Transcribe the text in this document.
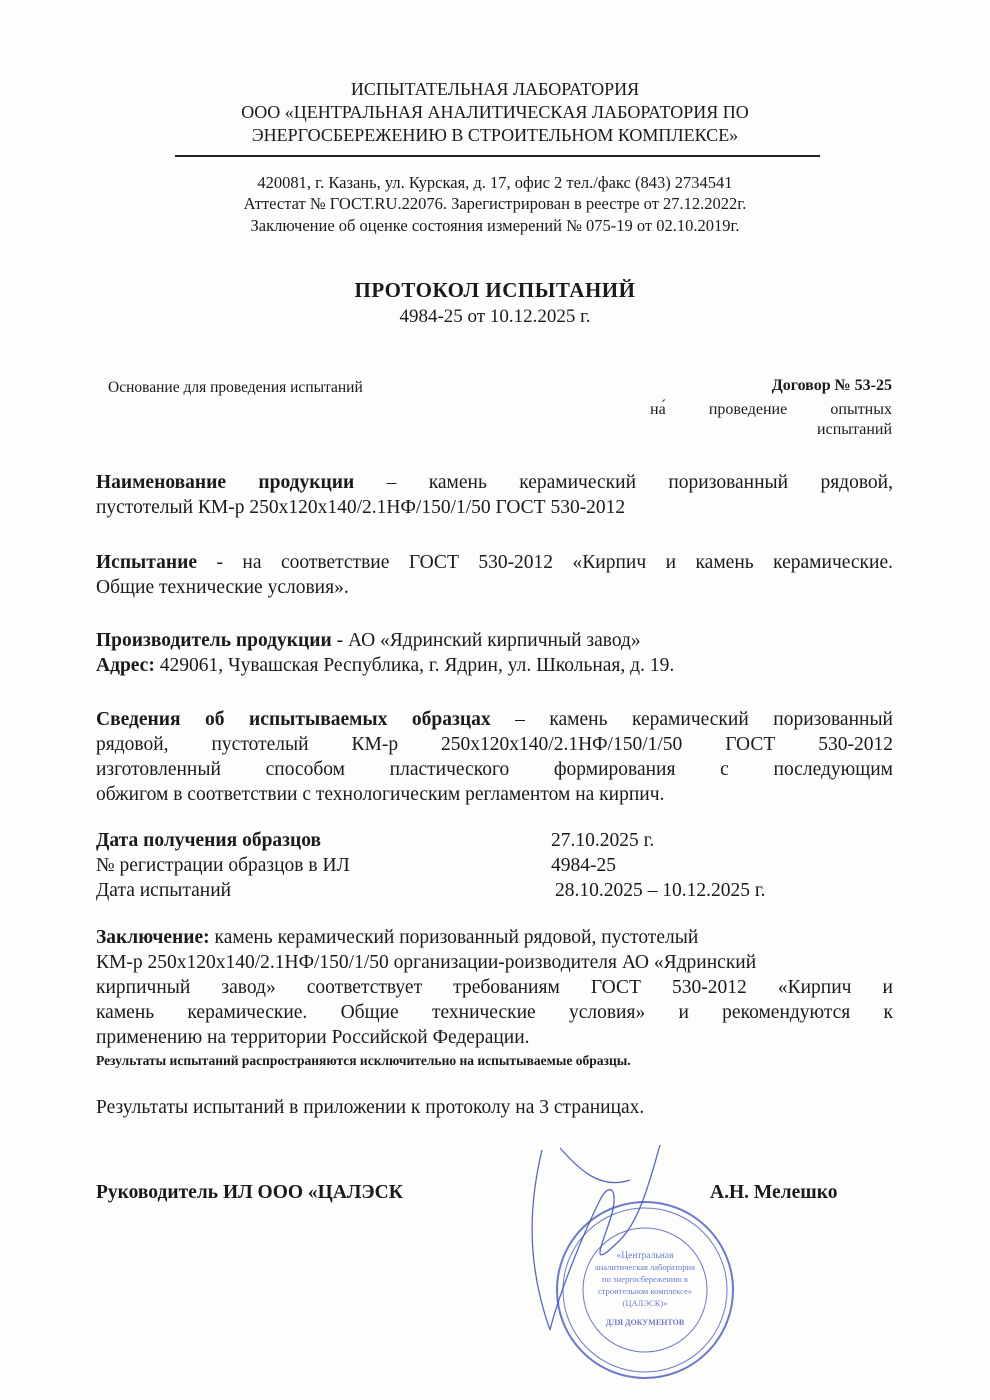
ИСПЫТАТЕЛЬНАЯ ЛАБОРАТОРИЯ
ООО «ЦЕНТРАЛЬНАЯ АНАЛИТИЧЕСКАЯ ЛАБОРАТОРИЯ ПО
ЭНЕРГОСБЕРЕЖЕНИЮ В СТРОИТЕЛЬНОМ КОМПЛЕКСЕ»
420081, г. Казань, ул. Курская, д. 17, офис 2 тел./факс (843) 2734541
Аттестат № ГОСТ.RU.22076. Зарегистрирован в реестре от 27.12.2022г.
Заключение об оценке состояния измерений № 075-19 от 02.10.2019г.
ПРОТОКОЛ ИСПЫТАНИЙ
4984-25 от 10.12.2025 г.
Основание для проведения испытаний	Договор № 53-25
на́ проведение опытных
испытаний
Наименование продукции – камень керамический поризованный рядовой,
пустотелый КМ-р 250х120х140/2.1НФ/150/1/50 ГОСТ 530-2012
Испытание - на соответствие ГОСТ 530-2012 «Кирпич и камень керамические.
Общие технические условия».
Производитель продукции - АО «Ядринский кирпичный завод»
Адрес: 429061, Чувашская Республика, г. Ядрин, ул. Школьная, д. 19.
Сведения об испытываемых образцах – камень керамический поризованный
рядовой, пустотелый КМ-р 250х120х140/2.1НФ/150/1/50 ГОСТ 530-2012
изготовленный способом пластического формирования с последующим
обжигом в соответствии с технологическим регламентом на кирпич.
Дата получения образцов	27.10.2025 г.
№ регистрации образцов в ИЛ	4984-25
Дата испытаний	28.10.2025 – 10.12.2025 г.
Заключение: камень керамический поризованный рядовой, пустотелый
КМ-р 250х120х140/2.1НФ/150/1/50 организации-роизводителя АО «Ядринский
кирпичный завод» соответствует требованиям ГОСТ 530-2012 «Кирпич и
камень керамические. Общие технические условия» и рекомендуются к
применению на территории Российской Федерации.
Результаты испытаний распространяются исключительно на испытываемые образцы.
Результаты испытаний в приложении к протоколу на 3 страницах.
«Центральная
аналитическая лаборатория
по энергосбережению в
строительном комплексе»
(ЦАЛЭСК)»
ДЛЯ ДОКУМЕНТОВ
Руководитель ИЛ ООО «ЦАЛЭСК	А.Н. Мелешко
